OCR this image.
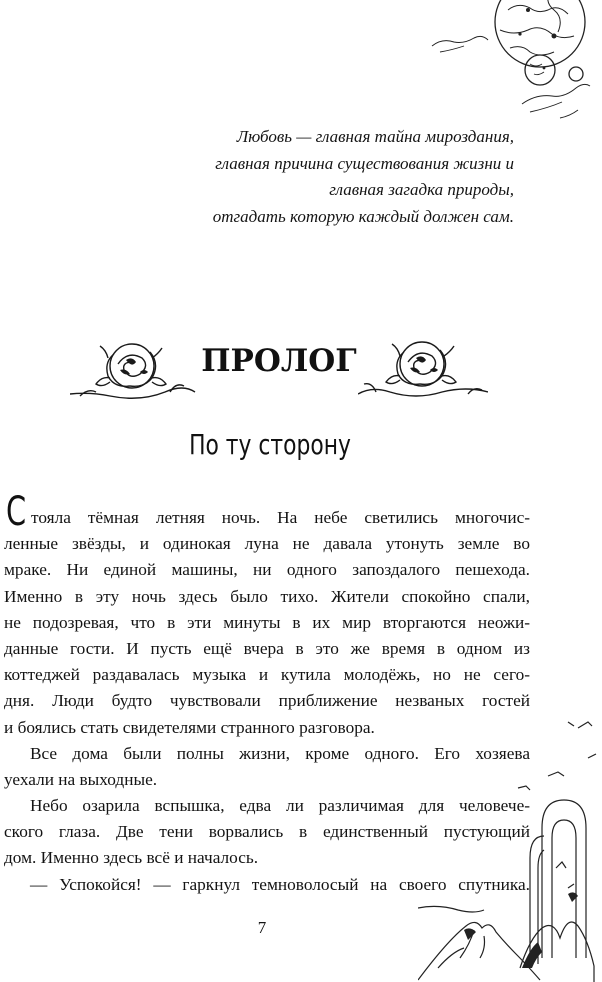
Любовь — главная тайна мироздания,
главная причина существования жизни и
главная загадка природы,
отгадать которую каждый должен сам.
ПРОЛОГ
По ту сторону
С тояла тёмная летняя ночь. На небе светились многочис-
ленные звёзды, и одинокая луна не давала утонуть земле во
мраке. Ни единой машины, ни одного запоздалого пешехода.
Именно в эту ночь здесь было тихо. Жители спокойно спали,
не подозревая, что в эти минуты в их мир вторгаются неожи-
данные гости. И пусть ещё вчера в это же время в одном из
коттеджей раздавалась музыка и кутила молодёжь, но не сего-
дня. Люди будто чувствовали приближение незваных гостей
и боялись стать свидетелями странного разговора.
Все дома были полны жизни, кроме одного. Его хозяева
уехали на выходные.
Небо озарила вспышка, едва ли различимая для человече-
ского глаза. Две тени ворвались в единственный пустующий
дом. Именно здесь всё и началось.
— Успокойся! — гаркнул темноволосый на своего спутника.
7
